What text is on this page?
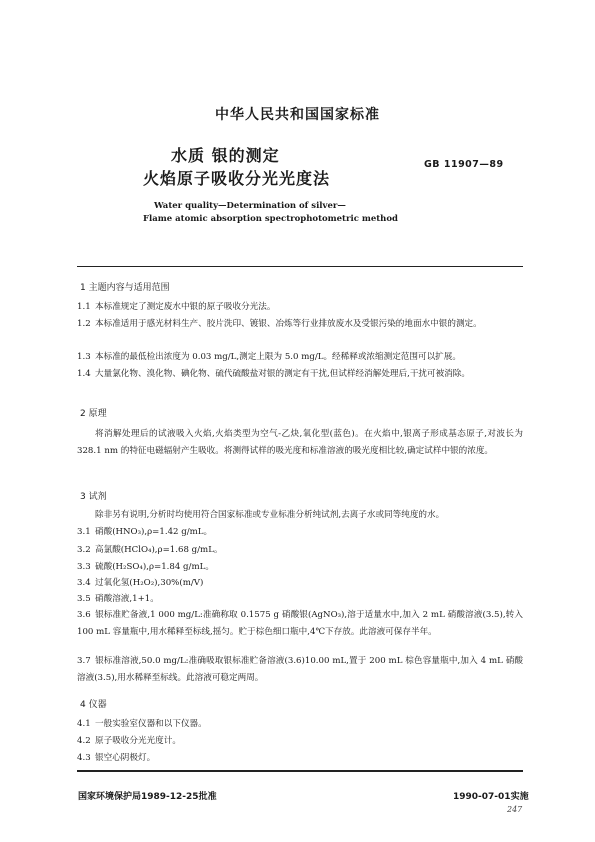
中华人民共和国国家标准
水质 银的测定
火焰原子吸收分光光度法
GB 11907—89
Water quality—Determination of silver—
Flame atomic absorption spectrophotometric method
1 主题内容与适用范围
1.1 本标准规定了测定废水中银的原子吸收分光法。
1.2 本标准适用于感光材料生产、胶片洗印、镀银、冶炼等行业排放废水及受银污染的地面水中银的测定。
1.3 本标准的最低检出浓度为 0.03 mg/L,测定上限为 5.0 mg/L。经稀释或浓缩测定范围可以扩展。
1.4 大量氯化物、溴化物、碘化物、硫代硫酸盐对银的测定有干扰,但试样经消解处理后,干扰可被消除。
2 原理
将消解处理后的试液吸入火焰,火焰类型为空气-乙炔,氧化型(蓝色)。在火焰中,银离子形成基态原子,对波长为 328.1 nm 的特征电磁辐射产生吸收。将测得试样的吸光度和标准溶液的吸光度相比较,确定试样中银的浓度。
3 试剂
除非另有说明,分析时均使用符合国家标准或专业标准分析纯试剂,去离子水或同等纯度的水。
3.1 硝酸(HNO₃),ρ=1.42 g/mL。
3.2 高氯酸(HClO₄),ρ=1.68 g/mL。
3.3 硫酸(H₂SO₄),ρ=1.84 g/mL。
3.4 过氧化氢(H₂O₂),30%(m/V)
3.5 硝酸溶液,1+1。
3.6 银标准贮备液,1 000 mg/L:准确称取 0.1575 g 硝酸银(AgNO₃),溶于适量水中,加入 2 mL 硝酸溶液(3.5),转入 100 mL 容量瓶中,用水稀释至标线,摇匀。贮于棕色细口瓶中,4℃下存放。此溶液可保存半年。
3.7 银标准溶液,50.0 mg/L:准确吸取银标准贮备溶液(3.6)10.00 mL,置于 200 mL 棕色容量瓶中,加入 4 mL 硝酸溶液(3.5),用水稀释至标线。此溶液可稳定两周。
4 仪器
4.1 一般实验室仪器和以下仪器。
4.2 原子吸收分光光度计。
4.3 银空心阴极灯。
国家环境保护局1989-12-25批准	1990-07-01实施
247
